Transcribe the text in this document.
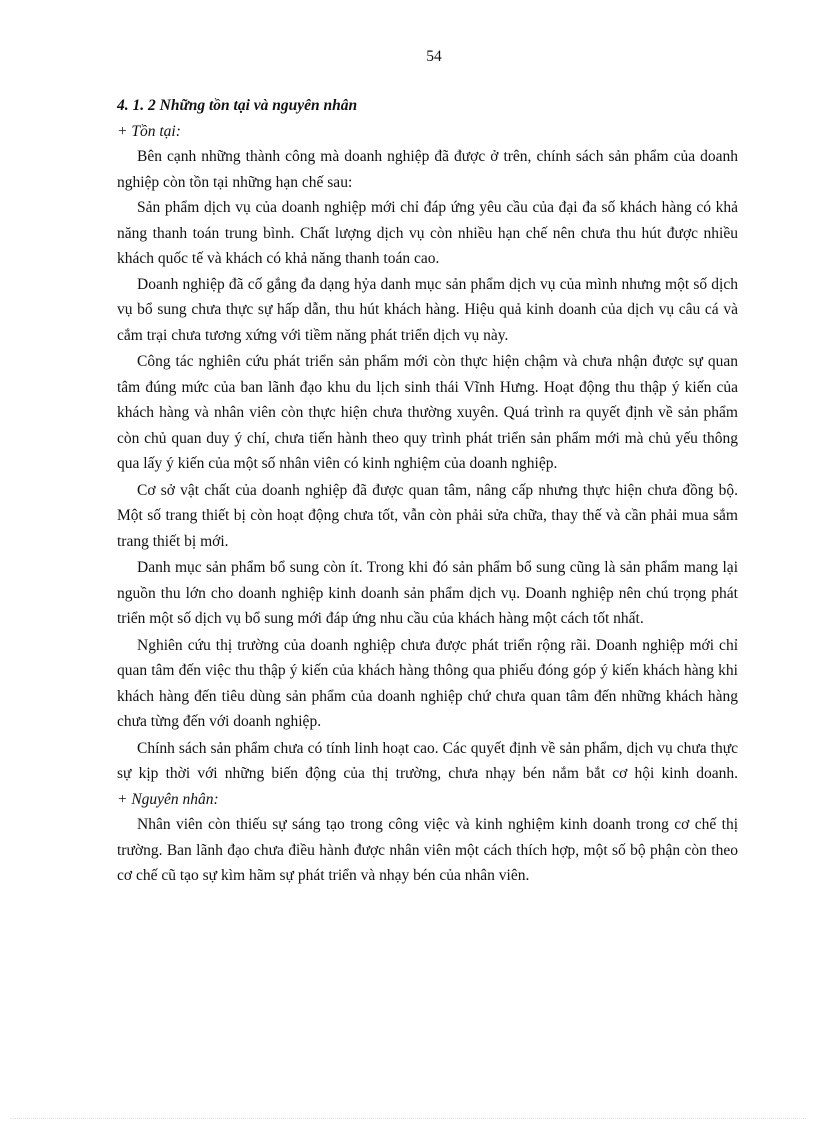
54

4. 1. 2 Những tồn tại và nguyên nhân

+ Tồn tại:

Bên cạnh những thành công mà doanh nghiệp đã được ở trên, chính sách sản phẩm của doanh nghiệp còn tồn tại những hạn chế sau:

Sản phẩm dịch vụ của doanh nghiệp mới chỉ đáp ứng yêu cầu của đại đa số khách hàng có khả năng thanh toán trung bình. Chất lượng dịch vụ còn nhiều hạn chế nên chưa thu hút được nhiều khách quốc tế và khách có khả năng thanh toán cao.

Doanh nghiệp đã cố gắng đa dạng hỷa danh mục sản phẩm dịch vụ của mình nhưng một số dịch vụ bổ sung chưa thực sự hấp dẫn, thu hút khách hàng. Hiệu quả kinh doanh của dịch vụ câu cá và cắm trại chưa tương xứng với tiềm năng phát triển dịch vụ này.

Công tác nghiên cứu phát triển sản phẩm mới còn thực hiện chậm và chưa nhận được sự quan tâm đúng mức của ban lãnh đạo khu du lịch sinh thái Vĩnh Hưng. Hoạt động thu thập ý kiến của khách hàng và nhân viên còn thực hiện chưa thường xuyên. Quá trình ra quyết định về sản phẩm còn chủ quan duy ý chí, chưa tiến hành theo quy trình phát triển sản phẩm mới mà chủ yếu thông qua lấy ý kiến của một số nhân viên có kinh nghiệm của doanh nghiệp.

Cơ sở vật chất của doanh nghiệp đã được quan tâm, nâng cấp nhưng thực hiện chưa đồng bộ. Một số trang thiết bị còn hoạt động chưa tốt, vẫn còn phải sửa chữa, thay thế và cần phải mua sắm trang thiết bị mới.

Danh mục sản phẩm bổ sung còn ít. Trong khi đó sản phẩm bổ sung cũng là sản phẩm mang lại nguồn thu lớn cho doanh nghiệp kinh doanh sản phẩm dịch vụ. Doanh nghiệp nên chú trọng phát triển một số dịch vụ bổ sung mới đáp ứng nhu cầu của khách hàng một cách tốt nhất.

Nghiên cứu thị trường của doanh nghiệp chưa được phát triển rộng rãi. Doanh nghiệp mới chỉ quan tâm đến việc thu thập ý kiến của khách hàng thông qua phiếu đóng góp ý kiến khách hàng khi khách hàng đến tiêu dùng sản phẩm của doanh nghiệp chứ chưa quan tâm đến những khách hàng chưa từng đến với doanh nghiệp.

Chính sách sản phẩm chưa có tính linh hoạt cao. Các quyết định về sản phẩm, dịch vụ chưa thực sự kịp thời với những biến động của thị trường, chưa nhạy bén nắm bắt cơ hội kinh doanh.

+ Nguyên nhân:

Nhân viên còn thiếu sự sáng tạo trong công việc và kinh nghiệm kinh doanh trong cơ chế thị trường. Ban lãnh đạo chưa điều hành được nhân viên một cách thích hợp, một số bộ phận còn theo cơ chế cũ tạo sự kìm hãm sự phát triển và nhạy bén của nhân viên.
